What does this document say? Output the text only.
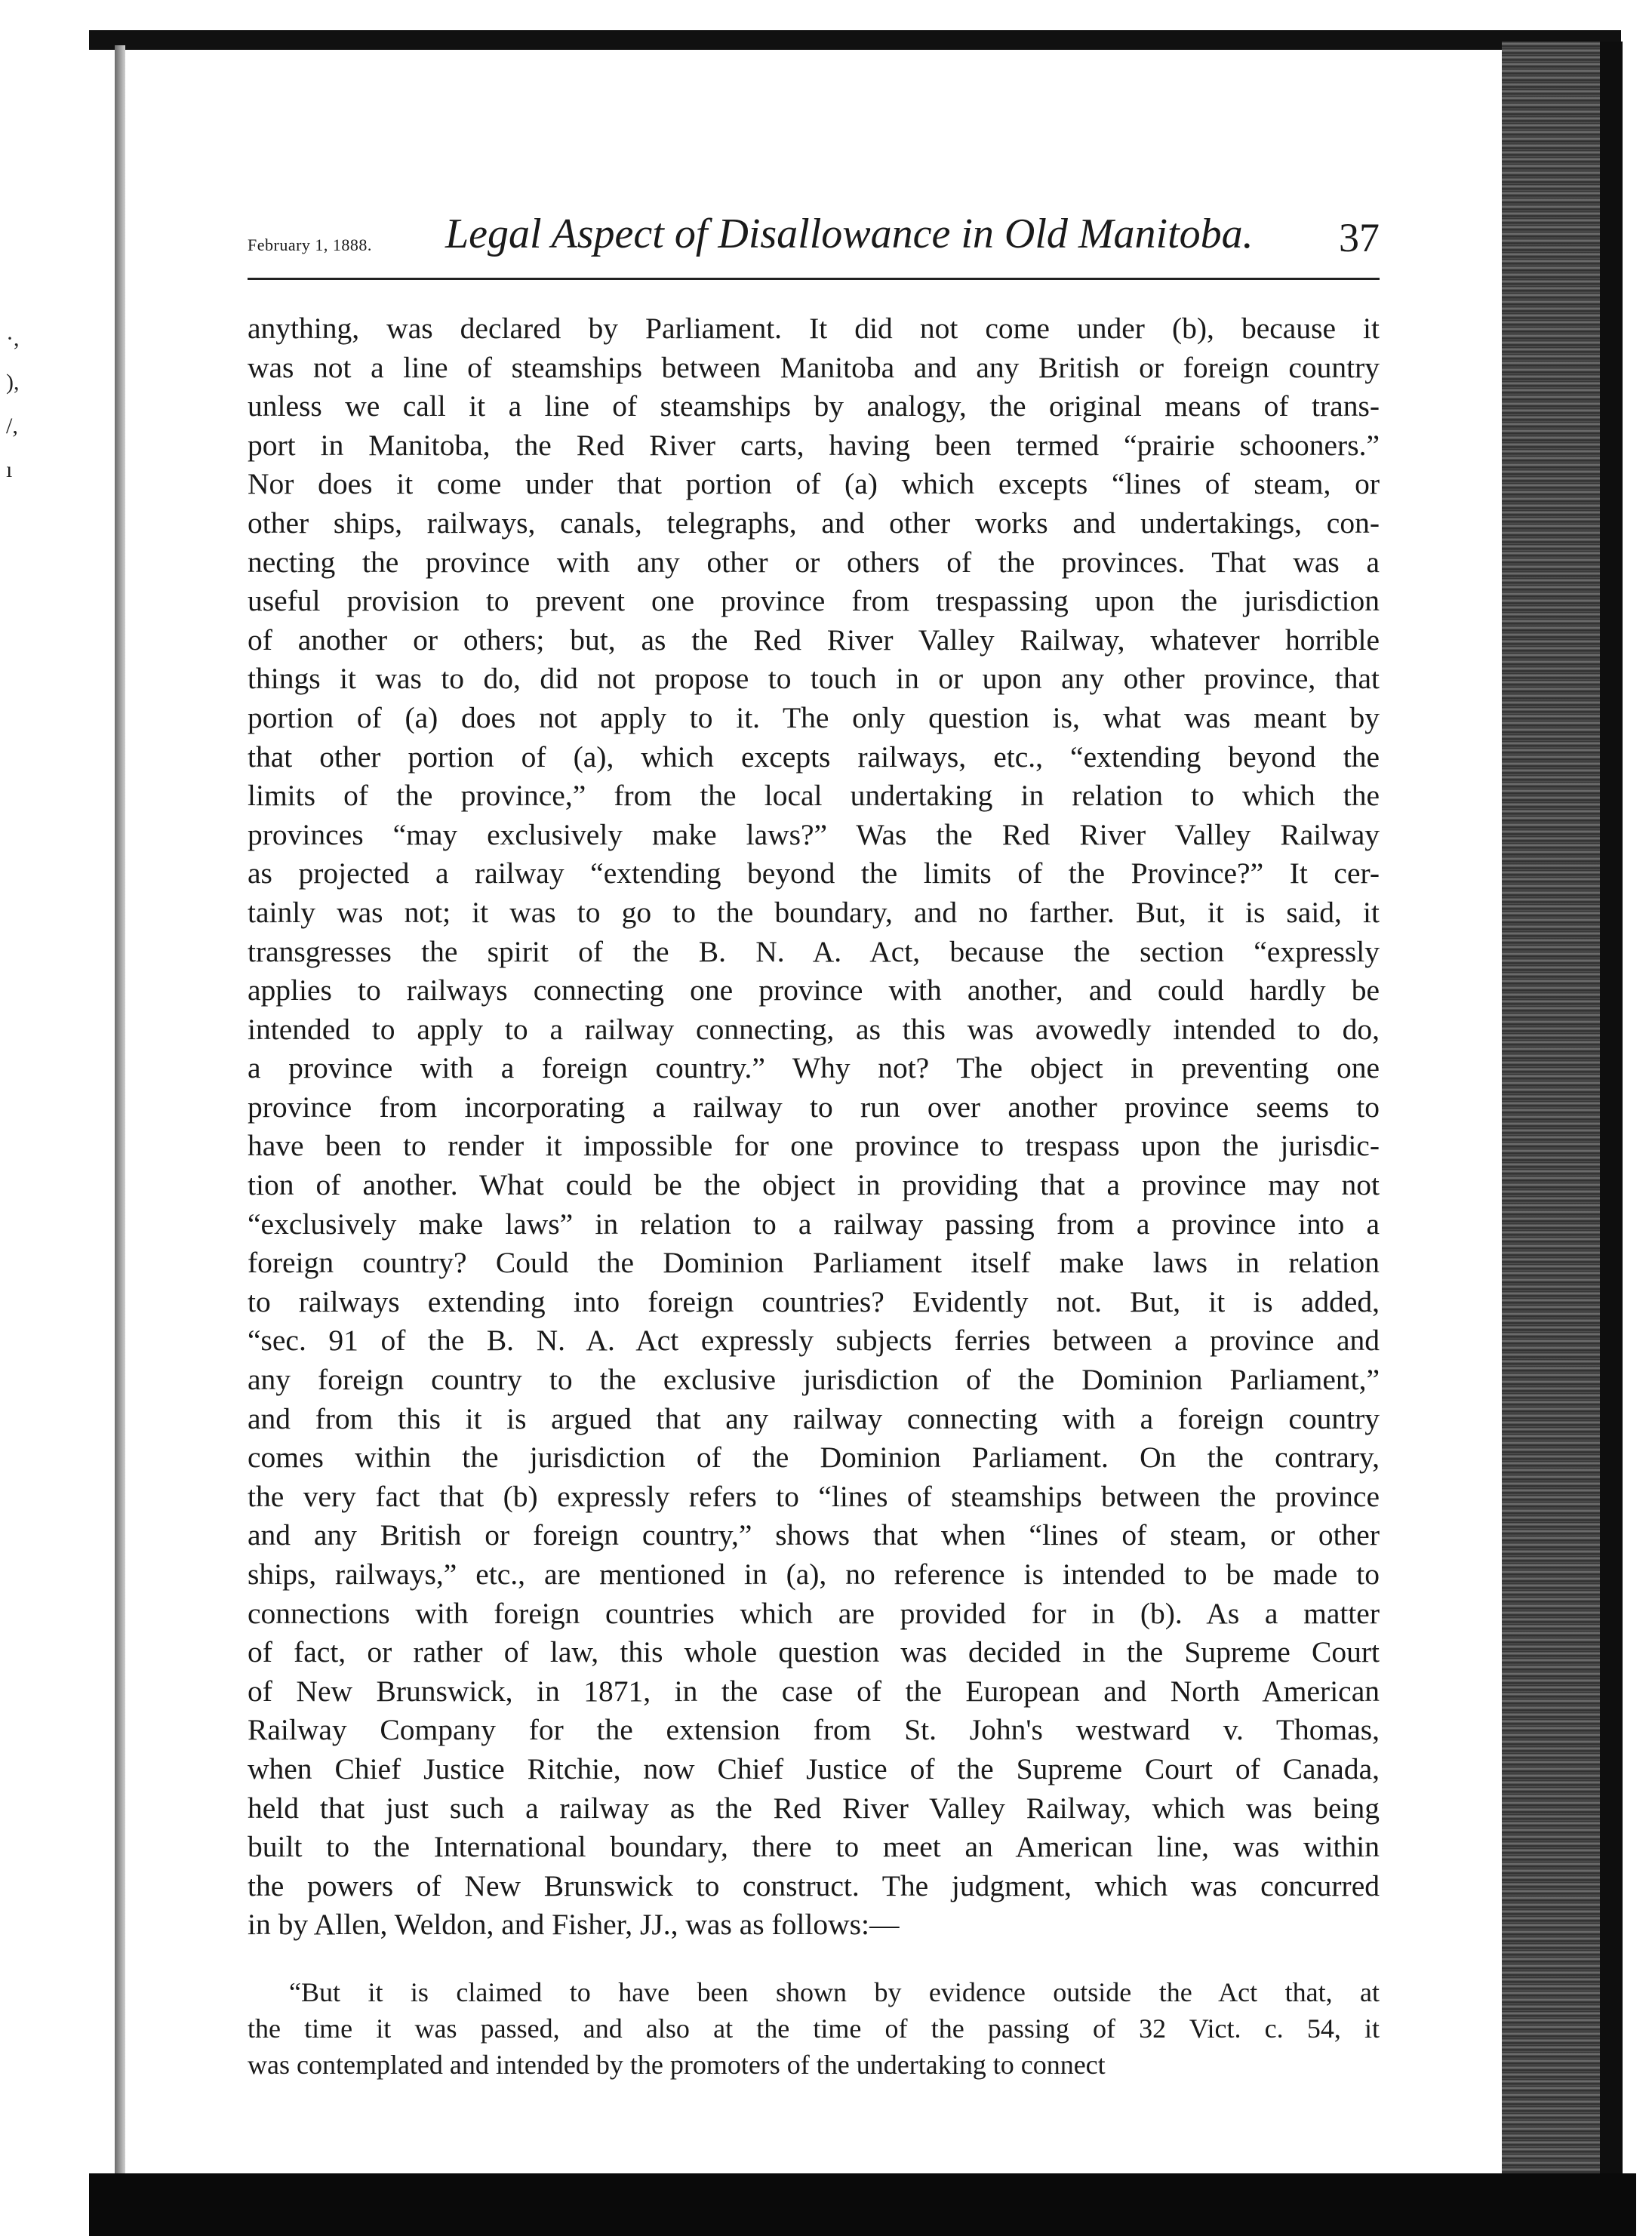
·, ), /, ı
February 1, 1888. Legal Aspect of Disallowance in Old Manitoba. 37
anything, was declared by Parliament. It did not come under (b), because it
was not a line of steamships between Manitoba and any British or foreign country
unless we call it a line of steamships by analogy, the original means of trans-
port in Manitoba, the Red River carts, having been termed “prairie schooners.”
Nor does it come under that portion of (a) which excepts “lines of steam, or
other ships, railways, canals, telegraphs, and other works and undertakings, con-
necting the province with any other or others of the provinces. That was a
useful provision to prevent one province from trespassing upon the jurisdiction
of another or others; but, as the Red River Valley Railway, whatever horrible
things it was to do, did not propose to touch in or upon any other province, that
portion of (a) does not apply to it. The only question is, what was meant by
that other portion of (a), which excepts railways, etc., “extending beyond the
limits of the province,” from the local undertaking in relation to which the
provinces “may exclusively make laws?” Was the Red River Valley Railway
as projected a railway “extending beyond the limits of the Province?” It cer-
tainly was not; it was to go to the boundary, and no farther. But, it is said, it
transgresses the spirit of the B. N. A. Act, because the section “expressly
applies to railways connecting one province with another, and could hardly be
intended to apply to a railway connecting, as this was avowedly intended to do,
a province with a foreign country.” Why not? The object in preventing one
province from incorporating a railway to run over another province seems to
have been to render it impossible for one province to trespass upon the jurisdic-
tion of another. What could be the object in providing that a province may not
“exclusively make laws” in relation to a railway passing from a province into a
foreign country? Could the Dominion Parliament itself make laws in relation
to railways extending into foreign countries? Evidently not. But, it is added,
“sec. 91 of the B. N. A. Act expressly subjects ferries between a province and
any foreign country to the exclusive jurisdiction of the Dominion Parliament,”
and from this it is argued that any railway connecting with a foreign country
comes within the jurisdiction of the Dominion Parliament. On the contrary,
the very fact that (b) expressly refers to “lines of steamships between the province
and any British or foreign country,” shows that when “lines of steam, or other
ships, railways,” etc., are mentioned in (a), no reference is intended to be made to
connections with foreign countries which are provided for in (b). As a matter
of fact, or rather of law, this whole question was decided in the Supreme Court
of New Brunswick, in 1871, in the case of the European and North American
Railway Company for the extension from St. John's westward v. Thomas,
when Chief Justice Ritchie, now Chief Justice of the Supreme Court of Canada,
held that just such a railway as the Red River Valley Railway, which was being
built to the International boundary, there to meet an American line, was within
the powers of New Brunswick to construct. The judgment, which was concurred
in by Allen, Weldon, and Fisher, JJ., was as follows:—
“But it is claimed to have been shown by evidence outside the Act that, at
the time it was passed, and also at the time of the passing of 32 Vict. c. 54, it
was contemplated and intended by the promoters of the undertaking to connect
